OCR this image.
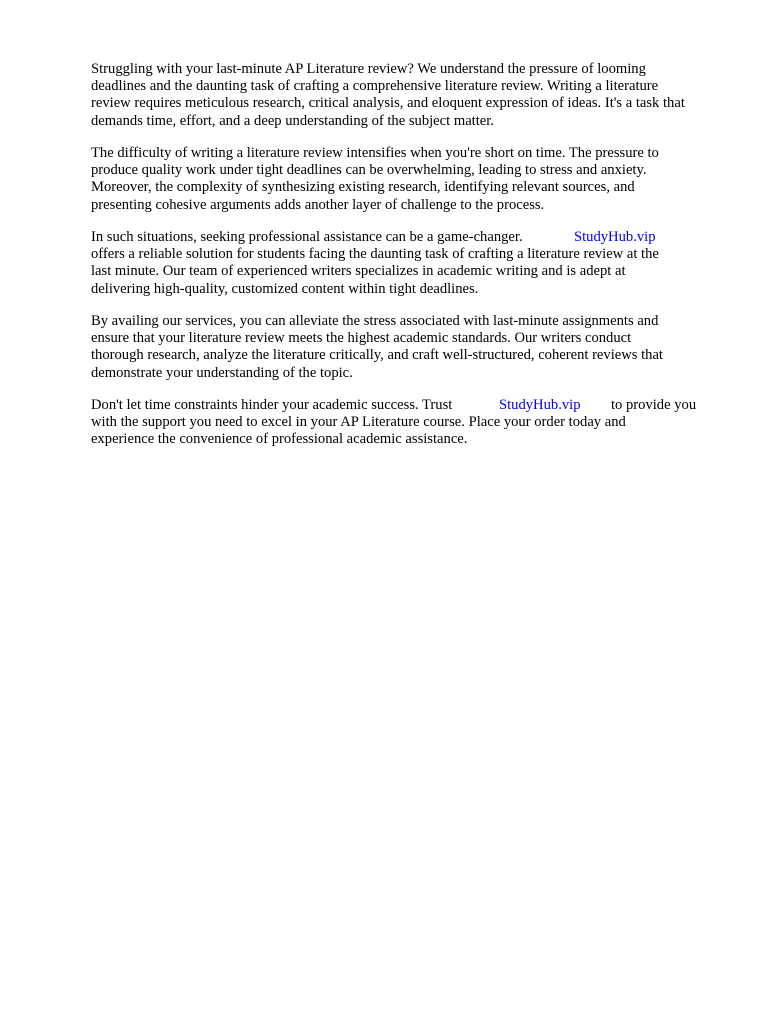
Struggling with your last-minute AP Literature review? We understand the pressure of looming
deadlines and the daunting task of crafting a comprehensive literature review. Writing a literature
review requires meticulous research, critical analysis, and eloquent expression of ideas. It's a task that
demands time, effort, and a deep understanding of the subject matter.
The difficulty of writing a literature review intensifies when you're short on time. The pressure to
produce quality work under tight deadlines can be overwhelming, leading to stress and anxiety.
Moreover, the complexity of synthesizing existing research, identifying relevant sources, and
presenting cohesive arguments adds another layer of challenge to the process.
In such situations, seeking professional assistance can be a game-changer.	StudyHub.vip
offers a reliable solution for students facing the daunting task of crafting a literature review at the
last minute. Our team of experienced writers specializes in academic writing and is adept at
delivering high-quality, customized content within tight deadlines.
By availing our services, you can alleviate the stress associated with last-minute assignments and
ensure that your literature review meets the highest academic standards. Our writers conduct
thorough research, analyze the literature critically, and craft well-structured, coherent reviews that
demonstrate your understanding of the topic.
Don't let time constraints hinder your academic success. Trust	StudyHub.vip to provide you
with the support you need to excel in your AP Literature course. Place your order today and
experience the convenience of professional academic assistance.
